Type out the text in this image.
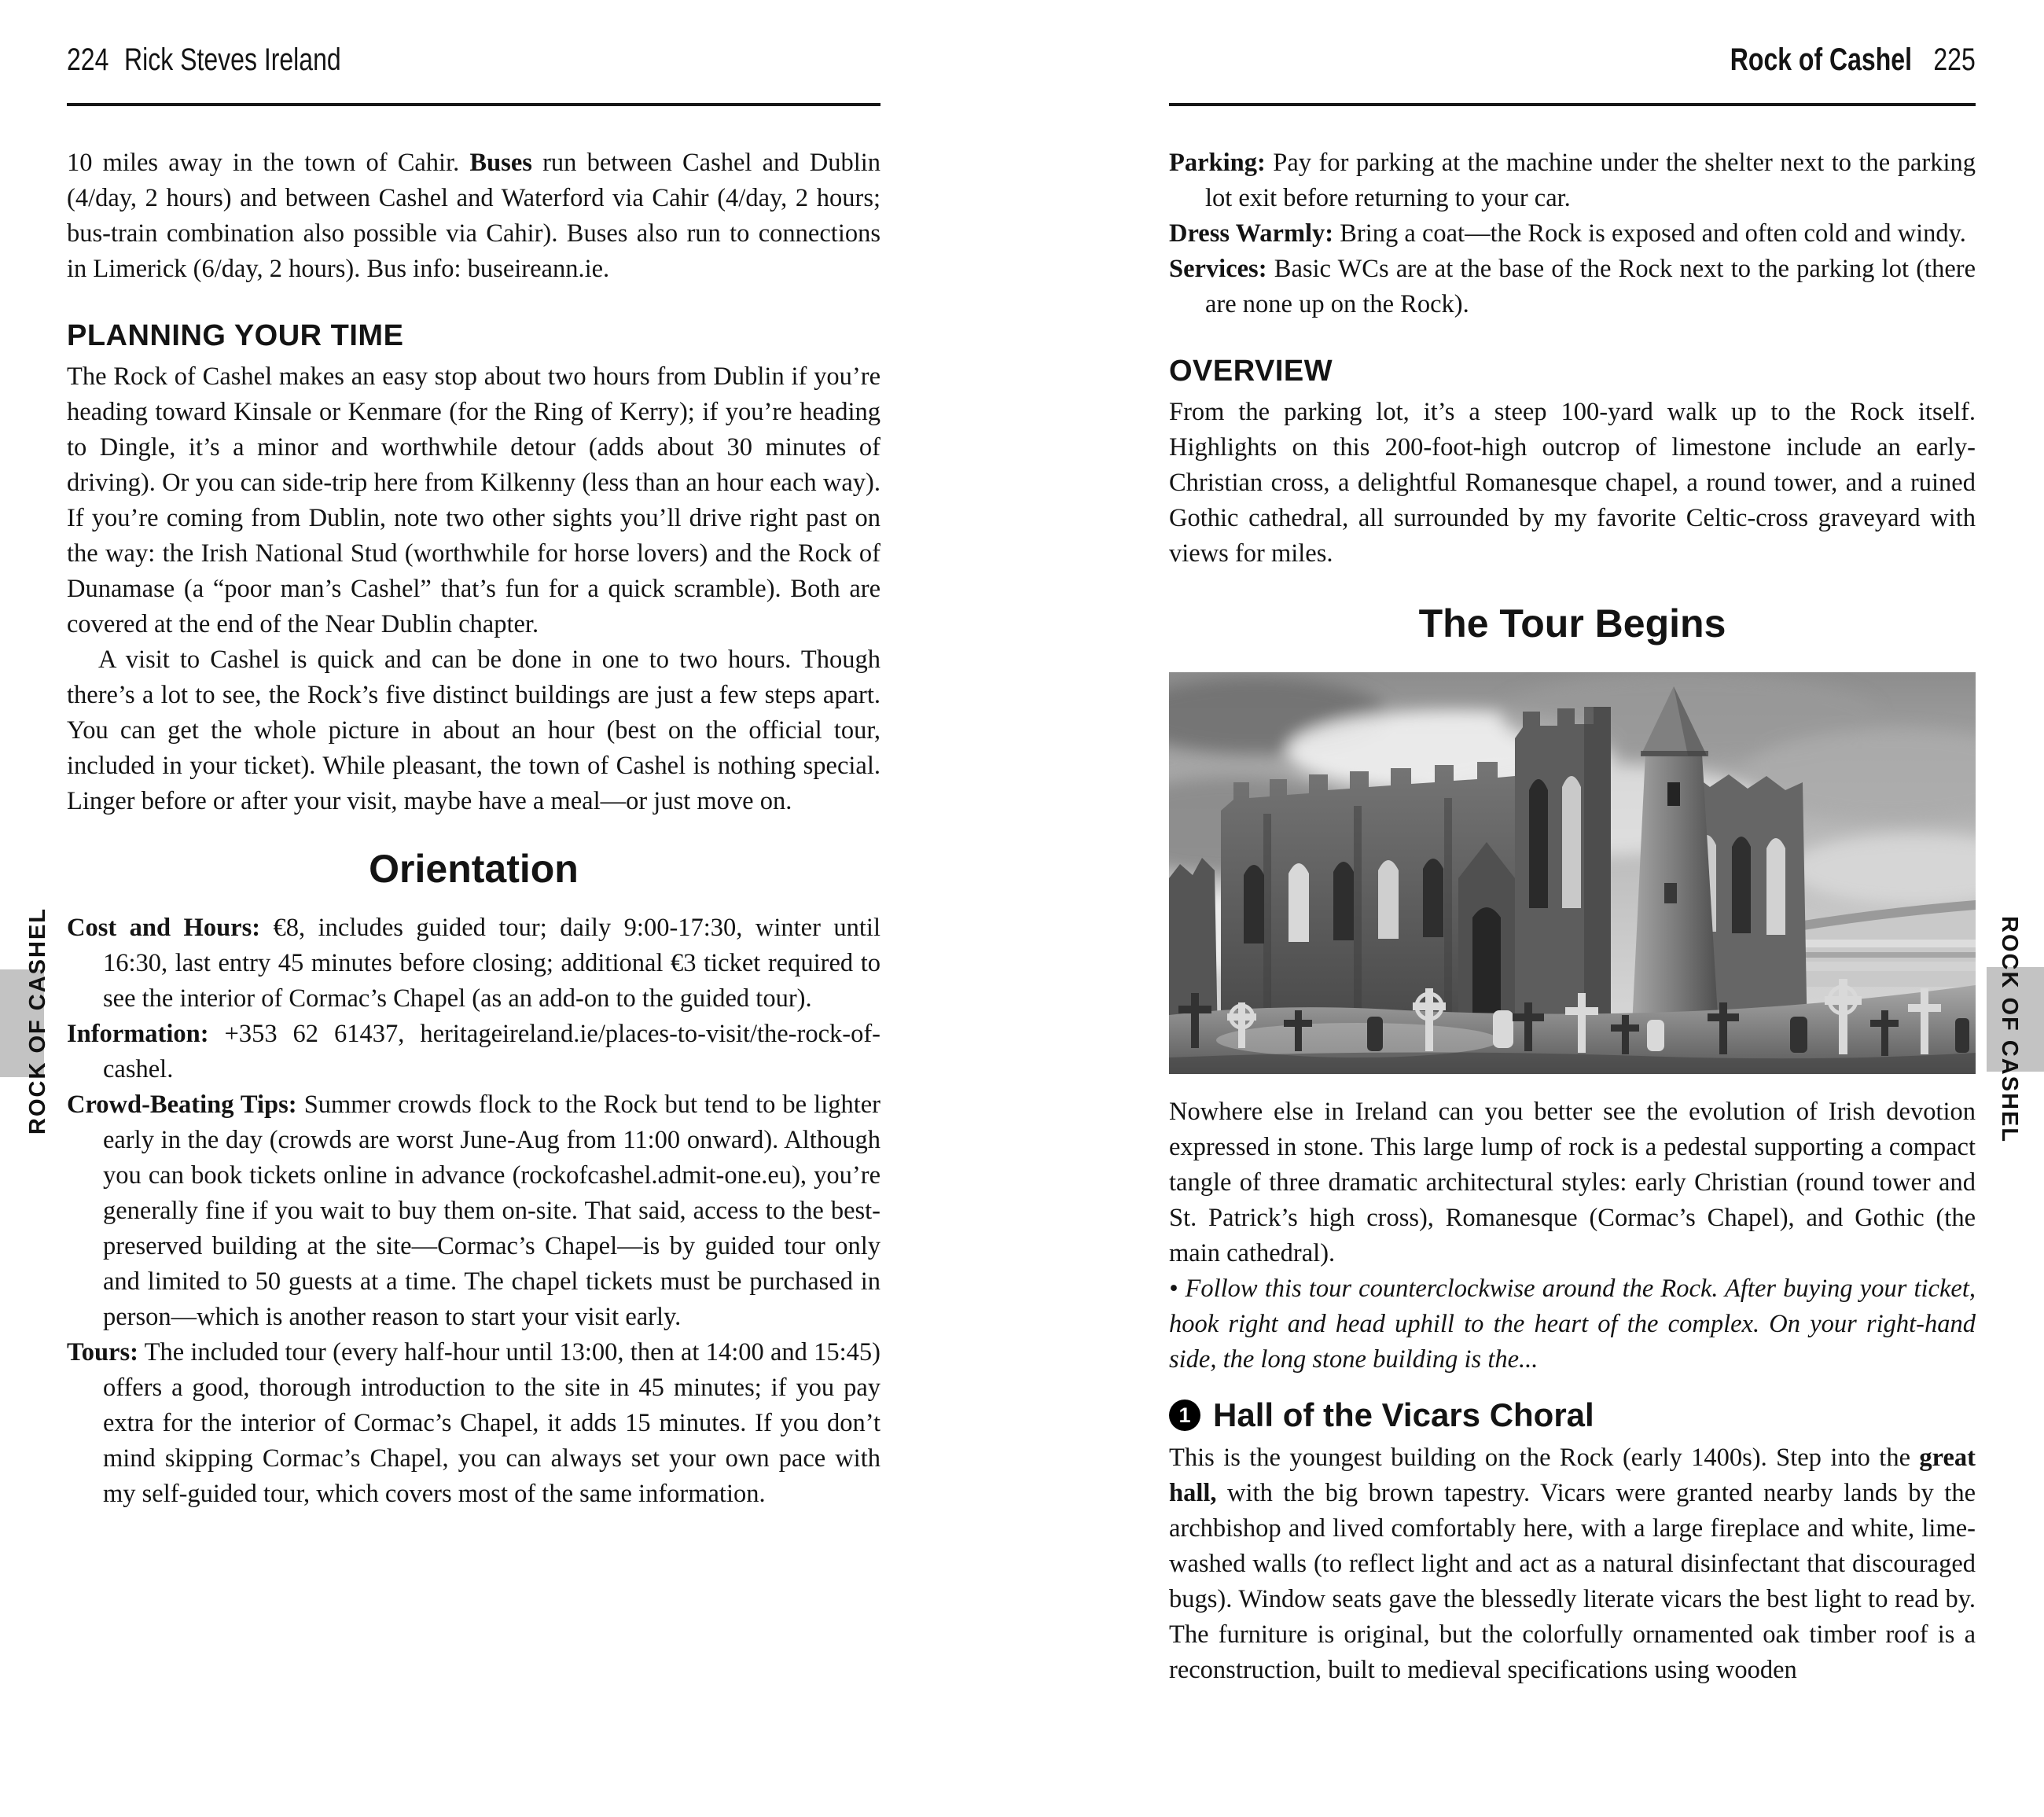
ROCK OF CASHEL	ROCK OF CASHEL
224 Rick Steves Ireland

10 miles away in the town of Cahir. Buses run between Cashel and Dublin (4/day, 2 hours) and between Cashel and Waterford via Cahir (4/day, 2 hours; bus-train combination also possible via Cahir). Buses also run to connections in Limerick (6/day, 2 hours). Bus info: buseireann.ie.

PLANNING YOUR TIME

The Rock of Cashel makes an easy stop about two hours from Dublin if you’re heading toward Kinsale or Kenmare (for the Ring of Kerry); if you’re heading to Dingle, it’s a minor and worthwhile detour (adds about 30 minutes of driving). Or you can side-trip here from Kilkenny (less than an hour each way). If you’re coming from Dublin, note two other sights you’ll drive right past on the way: the Irish National Stud (worthwhile for horse lovers) and the Rock of Dunamase (a “poor man’s Cashel” that’s fun for a quick scramble). Both are covered at the end of the Near Dublin chapter.

A visit to Cashel is quick and can be done in one to two hours. Though there’s a lot to see, the Rock’s five distinct buildings are just a few steps apart. You can get the whole picture in about an hour (best on the official tour, included in your ticket). While pleasant, the town of Cashel is nothing special. Linger before or after your visit, maybe have a meal—or just move on.

Orientation

Cost and Hours: €8, includes guided tour; daily 9:00-17:30, winter until 16:30, last entry 45 minutes before closing; additional €3 ticket required to see the interior of Cormac’s Chapel (as an add-on to the guided tour).

Information: +353 62 61437, heritageireland.ie/places-to-visit/the-rock-of-cashel.

Crowd-Beating Tips: Summer crowds flock to the Rock but tend to be lighter early in the day (crowds are worst June-Aug from 11:00 onward). Although you can book tickets online in advance (rockofcashel.admit-one.eu), you’re generally fine if you wait to buy them on-site. That said, access to the best-preserved building at the site—Cormac’s Chapel—is by guided tour only and limited to 50 guests at a time. The chapel tickets must be purchased in person—which is another reason to start your visit early.

Tours: The included tour (every half-hour until 13:00, then at 14:00 and 15:45) offers a good, thorough introduction to the site in 45 minutes; if you pay extra for the interior of Cormac’s Chapel, it adds 15 minutes. If you don’t mind skipping Cormac’s Chapel, you can always set your own pace with my self-guided tour, which covers most of the same information.

Rock of Cashel 225

Parking: Pay for parking at the machine under the shelter next to the parking lot exit before returning to your car.

Dress Warmly: Bring a coat—the Rock is exposed and often cold and windy.

Services: Basic WCs are at the base of the Rock next to the parking lot (there are none up on the Rock).

OVERVIEW

From the parking lot, it’s a steep 100-yard walk up to the Rock itself. Highlights on this 200-foot-high outcrop of limestone include an early-Christian cross, a delightful Romanesque chapel, a round tower, and a ruined Gothic cathedral, all surrounded by my favorite Celtic-cross graveyard with views for miles.

The Tour Begins

Nowhere else in Ireland can you better see the evolution of Irish devotion expressed in stone. This large lump of rock is a pedestal supporting a compact tangle of three dramatic architectural styles: early Christian (round tower and St. Patrick’s high cross), Romanesque (Cormac’s Chapel), and Gothic (the main cathedral).

• Follow this tour counterclockwise around the Rock. After buying your ticket, hook right and head uphill to the heart of the complex. On your right-hand side, the long stone building is the...

1 Hall of the Vicars Choral

This is the youngest building on the Rock (early 1400s). Step into the great hall, with the big brown tapestry. Vicars were granted nearby lands by the archbishop and lived comfortably here, with a large fireplace and white, lime-washed walls (to reflect light and act as a natural disinfectant that discouraged bugs). Window seats gave the blessedly literate vicars the best light to read by. The furniture is original, but the colorfully ornamented oak timber roof is a reconstruction, built to medieval specifications using wooden
